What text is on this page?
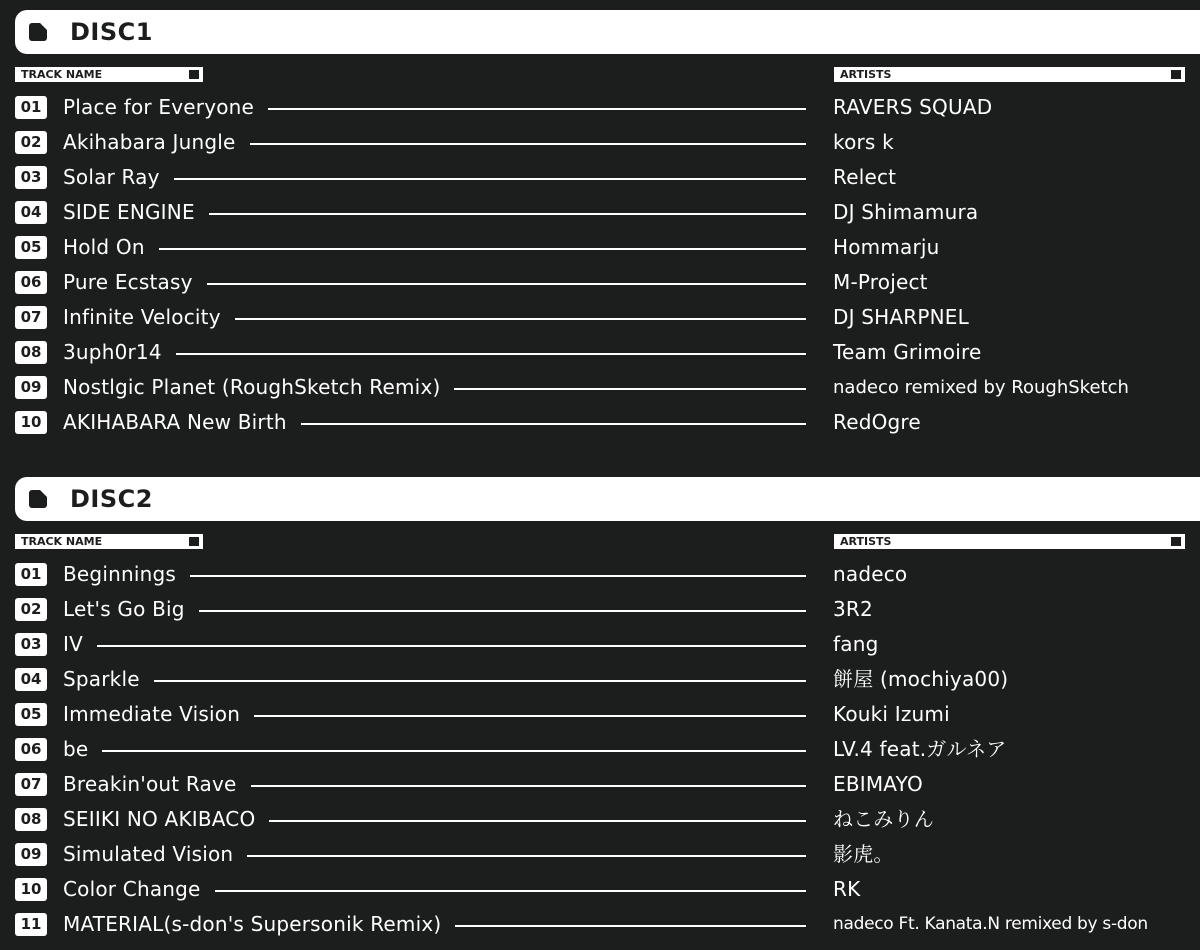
DISC1
TRACK NAME	ARTISTS
01 Place for Everyone	RAVERS SQUAD
02 Akihabara Jungle	kors k
03 Solar Ray	Relect
04 SIDE ENGINE	DJ Shimamura
05 Hold On	Hommarju
06 Pure Ecstasy	M-Project
07 Infinite Velocity	DJ SHARPNEL
08 3uph0r14	Team Grimoire
09 Nostlgic Planet (RoughSketch Remix)	nadeco remixed by RoughSketch
10 AKIHABARA New Birth	RedOgre
DISC2
TRACK NAME	ARTISTS
01 Beginnings	nadeco
02 Let's Go Big	3R2
03 IV	fang
04 Sparkle	餅屋 (mochiya00)
05 Immediate Vision	Kouki Izumi
06 be	LV.4 feat.ガルネア
07 Breakin'out Rave	EBIMAYO
08 SEIIKI NO AKIBACO	ねこみりん
09 Simulated Vision	影虎。
10 Color Change	RK
11 MATERIAL(s-don's Supersonik Remix)	nadeco Ft. Kanata.N remixed by s-don
